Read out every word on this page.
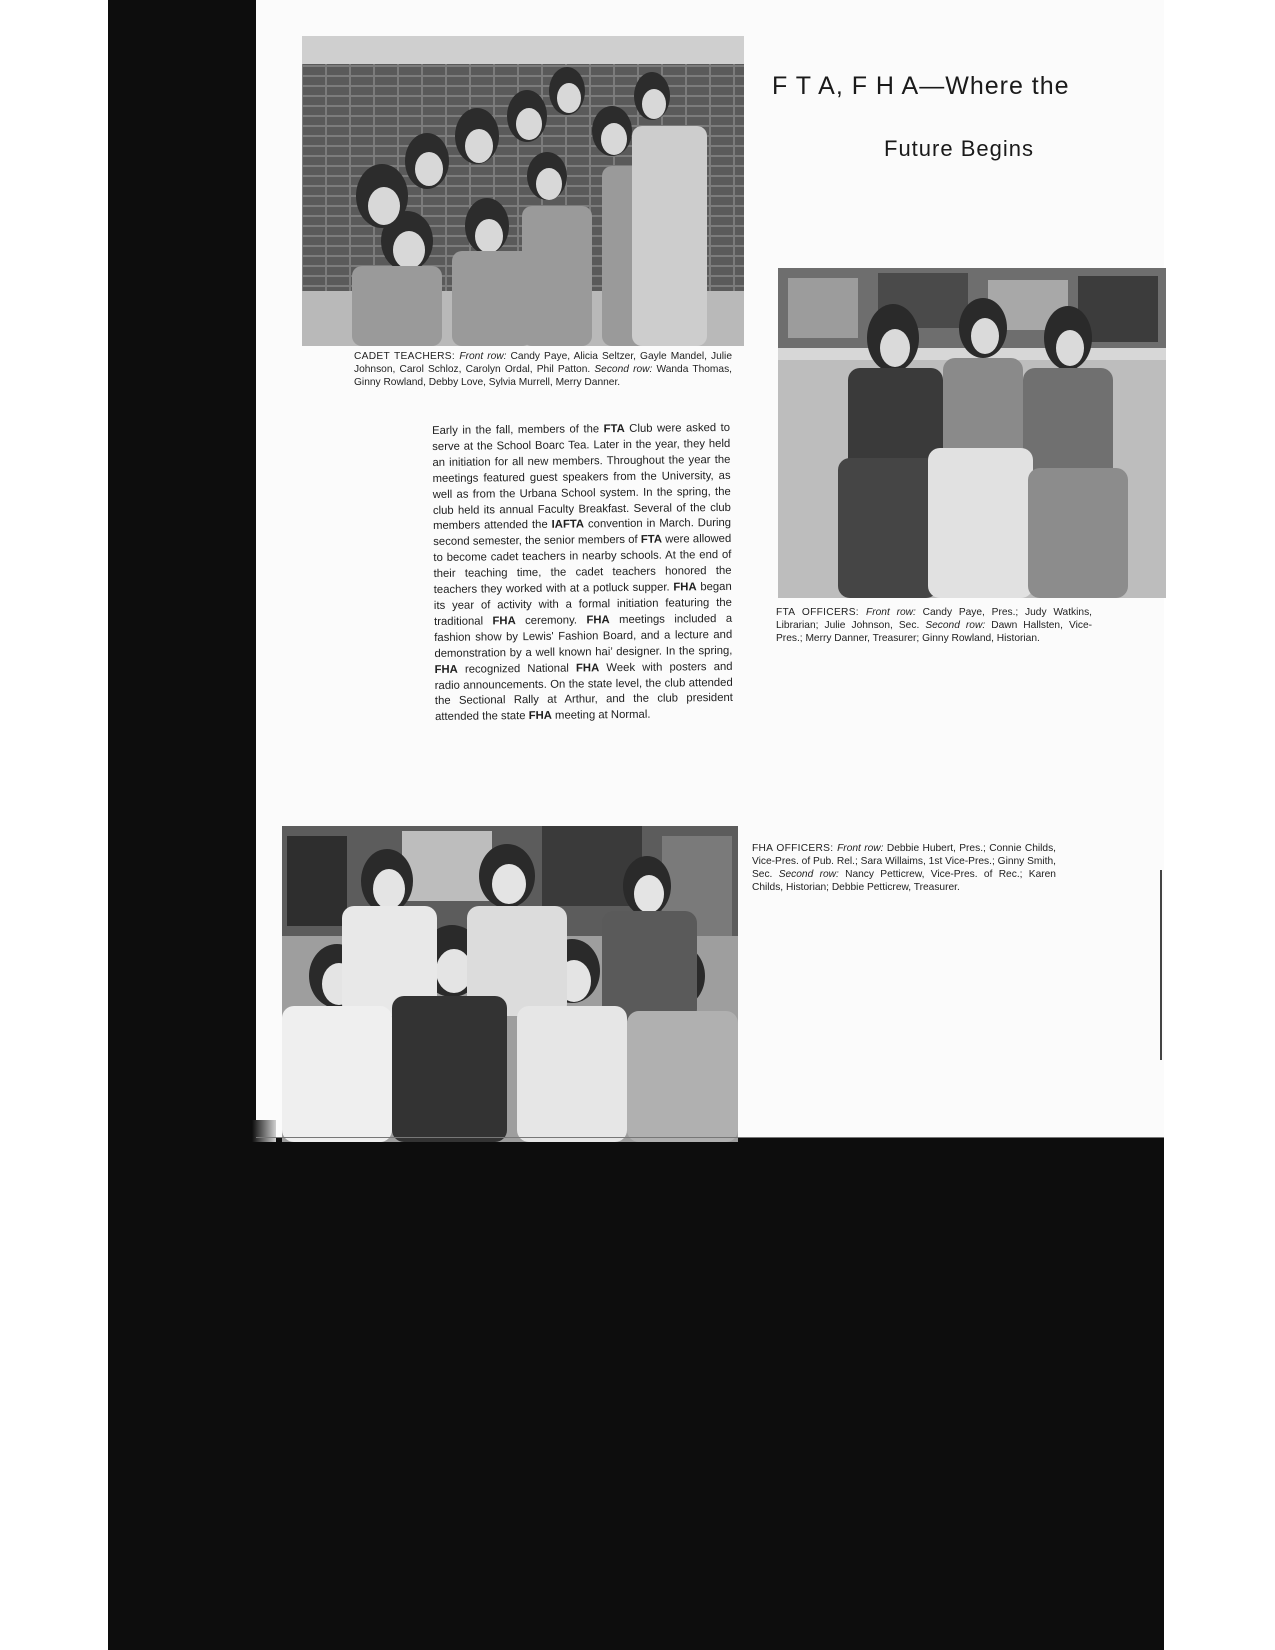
F T A, F H A—Where the
Future Begins
CADET TEACHERS: Front row: Candy Paye, Alicia Seltzer, Gayle Mandel, Julie Johnson, Carol Schloz, Carolyn Ordal, Phil Patton. Second row: Wanda Thomas, Ginny Rowland, Debby Love, Sylvia Murrell, Merry Danner.
Early in the fall, members of the FTA Club were asked to serve at the School Boarc Tea. Later in the year, they held an initiation for all new members. Throughout the year the meetings featured guest speakers from the University, as well as from the Urbana School system. In the spring, the club held its annual Faculty Breakfast. Several of the club members attended the IAFTA convention in March. During second semester, the senior members of FTA were allowed to become cadet teachers in nearby schools. At the end of their teaching time, the cadet teachers honored the teachers they worked with at a potluck supper. FHA began its year of activity with a formal initiation featuring the traditional FHA ceremony. FHA meetings included a fashion show by Lewis' Fashion Board, and a lecture and demonstration by a well known hai’ designer. In the spring, FHA recognized National FHA Week with posters and radio announcements. On the state level, the club attended the Sectional Rally at Arthur, and the club president attended the state FHA meeting at Normal.
FTA OFFICERS: Front row: Candy Paye, Pres.; Judy Watkins, Librarian; Julie Johnson, Sec. Second row: Dawn Hallsten, Vice-Pres.; Merry Danner, Treasurer; Ginny Rowland, Historian.
FHA OFFICERS: Front row: Debbie Hubert, Pres.; Connie Childs, Vice-Pres. of Pub. Rel.; Sara Willaims, 1st Vice-Pres.; Ginny Smith, Sec. Second row: Nancy Petticrew, Vice-Pres. of Rec.; Karen Childs, Historian; Debbie Petticrew, Treasurer.
